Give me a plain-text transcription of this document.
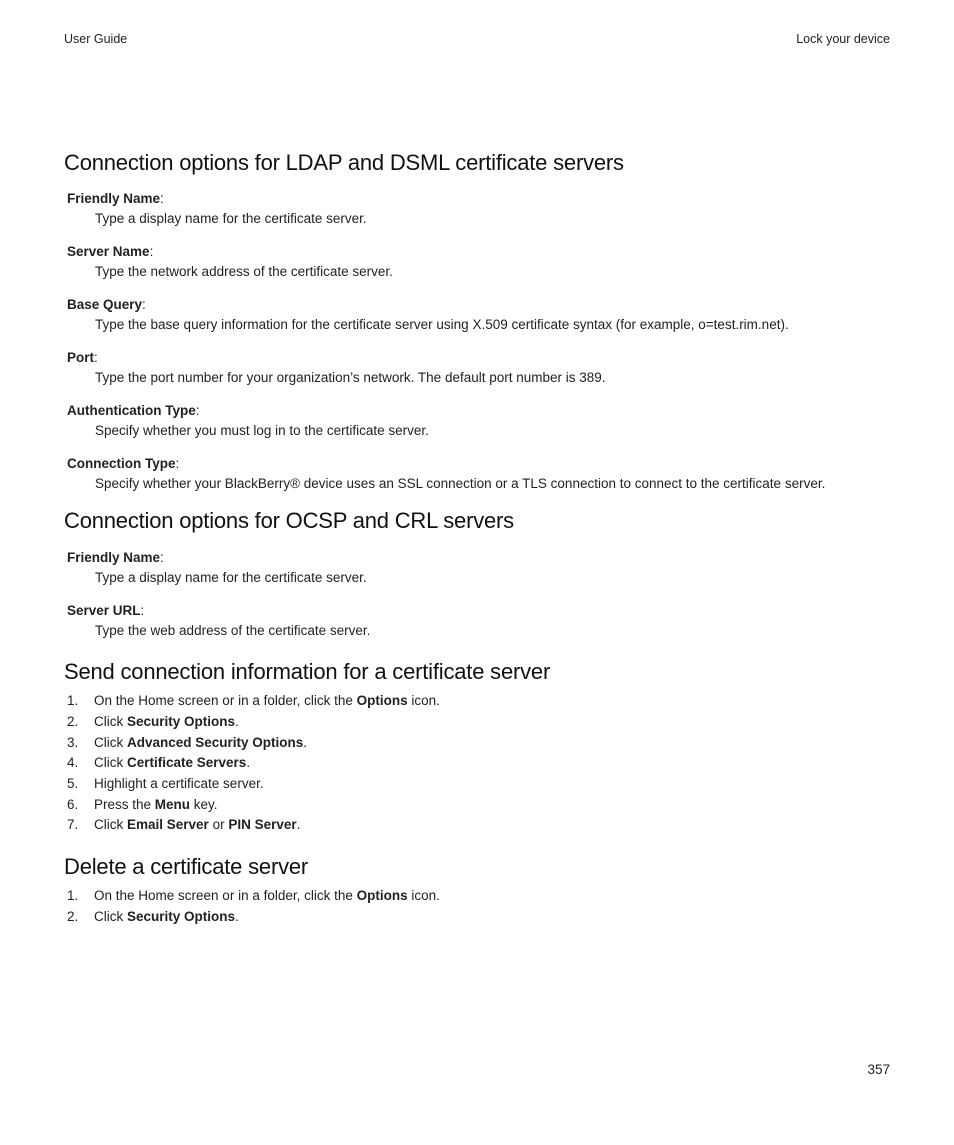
User Guide	Lock your device
Connection options for LDAP and DSML certificate servers
Friendly Name:
Type a display name for the certificate server.
Server Name:
Type the network address of the certificate server.
Base Query:
Type the base query information for the certificate server using X.509 certificate syntax (for example, o=test.rim.net).
Port:
Type the port number for your organization’s network. The default port number is 389.
Authentication Type:
Specify whether you must log in to the certificate server.
Connection Type:
Specify whether your BlackBerry® device uses an SSL connection or a TLS connection to connect to the certificate server.
Connection options for OCSP and CRL servers
Friendly Name:
Type a display name for the certificate server.
Server URL:
Type the web address of the certificate server.
Send connection information for a certificate server
1. On the Home screen or in a folder, click the Options icon.
2. Click Security Options.
3. Click Advanced Security Options.
4. Click Certificate Servers.
5. Highlight a certificate server.
6. Press the Menu key.
7. Click Email Server or PIN Server.
Delete a certificate server
1. On the Home screen or in a folder, click the Options icon.
2. Click Security Options.
357
